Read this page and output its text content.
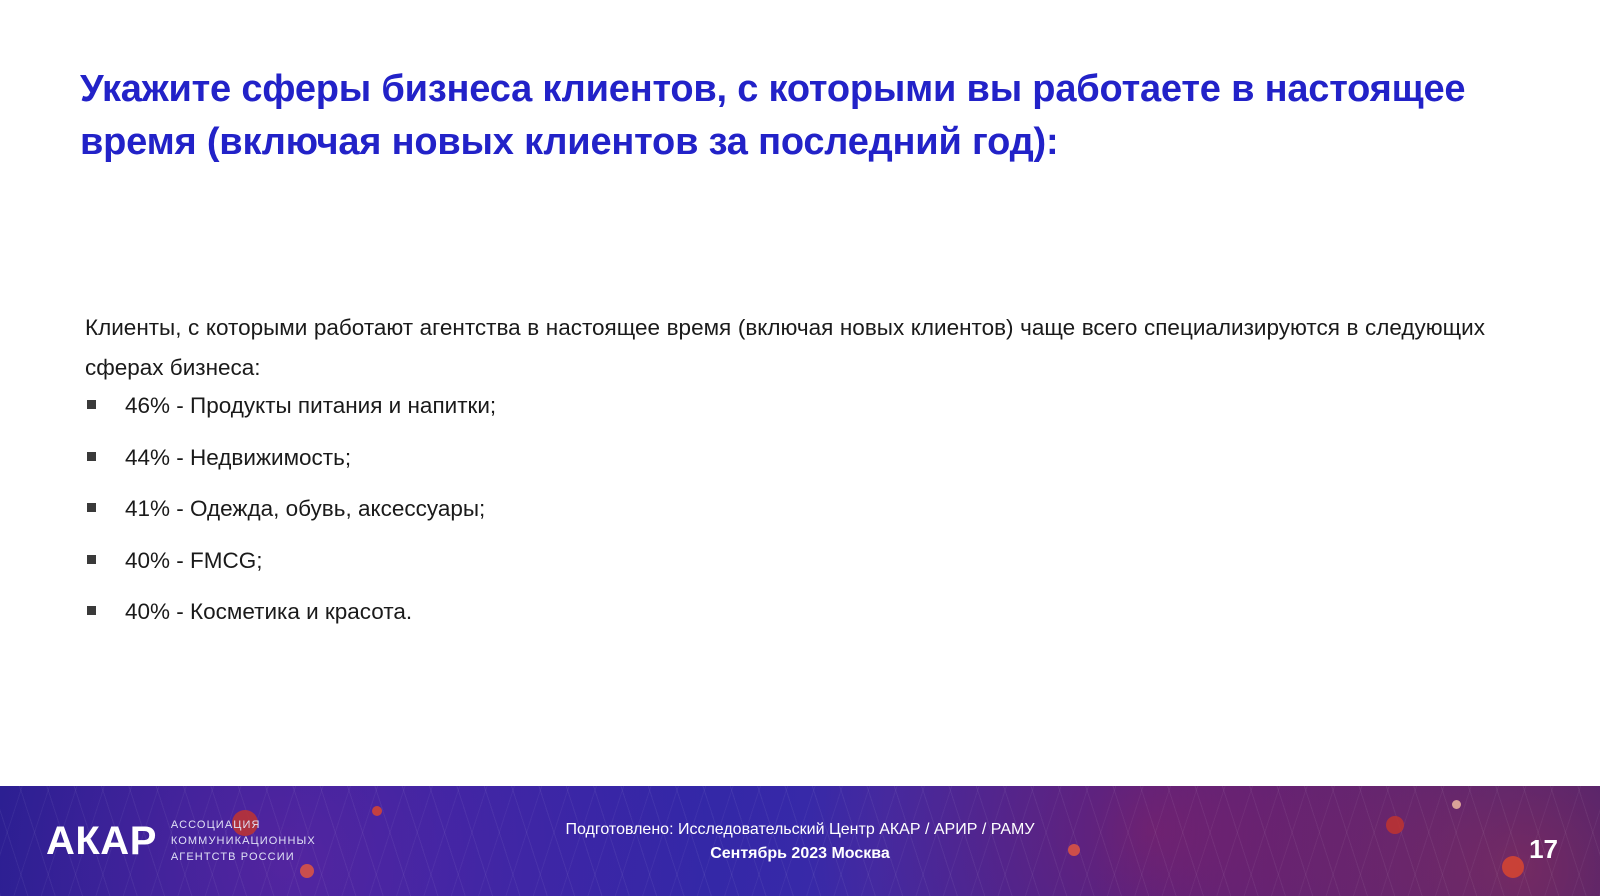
Укажите сферы бизнеса клиентов, с которыми вы работаете в настоящее время (включая новых клиентов за последний год):

Клиенты, с которыми работают агентства в настоящее время (включая новых клиентов) чаще всего специализируются в следующих сферах бизнеса:

46% - Продукты питания и напитки;
44% - Недвижимость;
41% - Одежда, обувь, аксессуары;
40% - FMCG;
40% - Косметика и красота.
АКАР АССОЦИАЦИЯ
КОММУНИКАЦИОННЫХ
АГЕНТСТВ РОССИИ
Подготовлено: Исследовательский Центр АКАР / АРИР / РАМУ
Сентябрь 2023 Москва	17
